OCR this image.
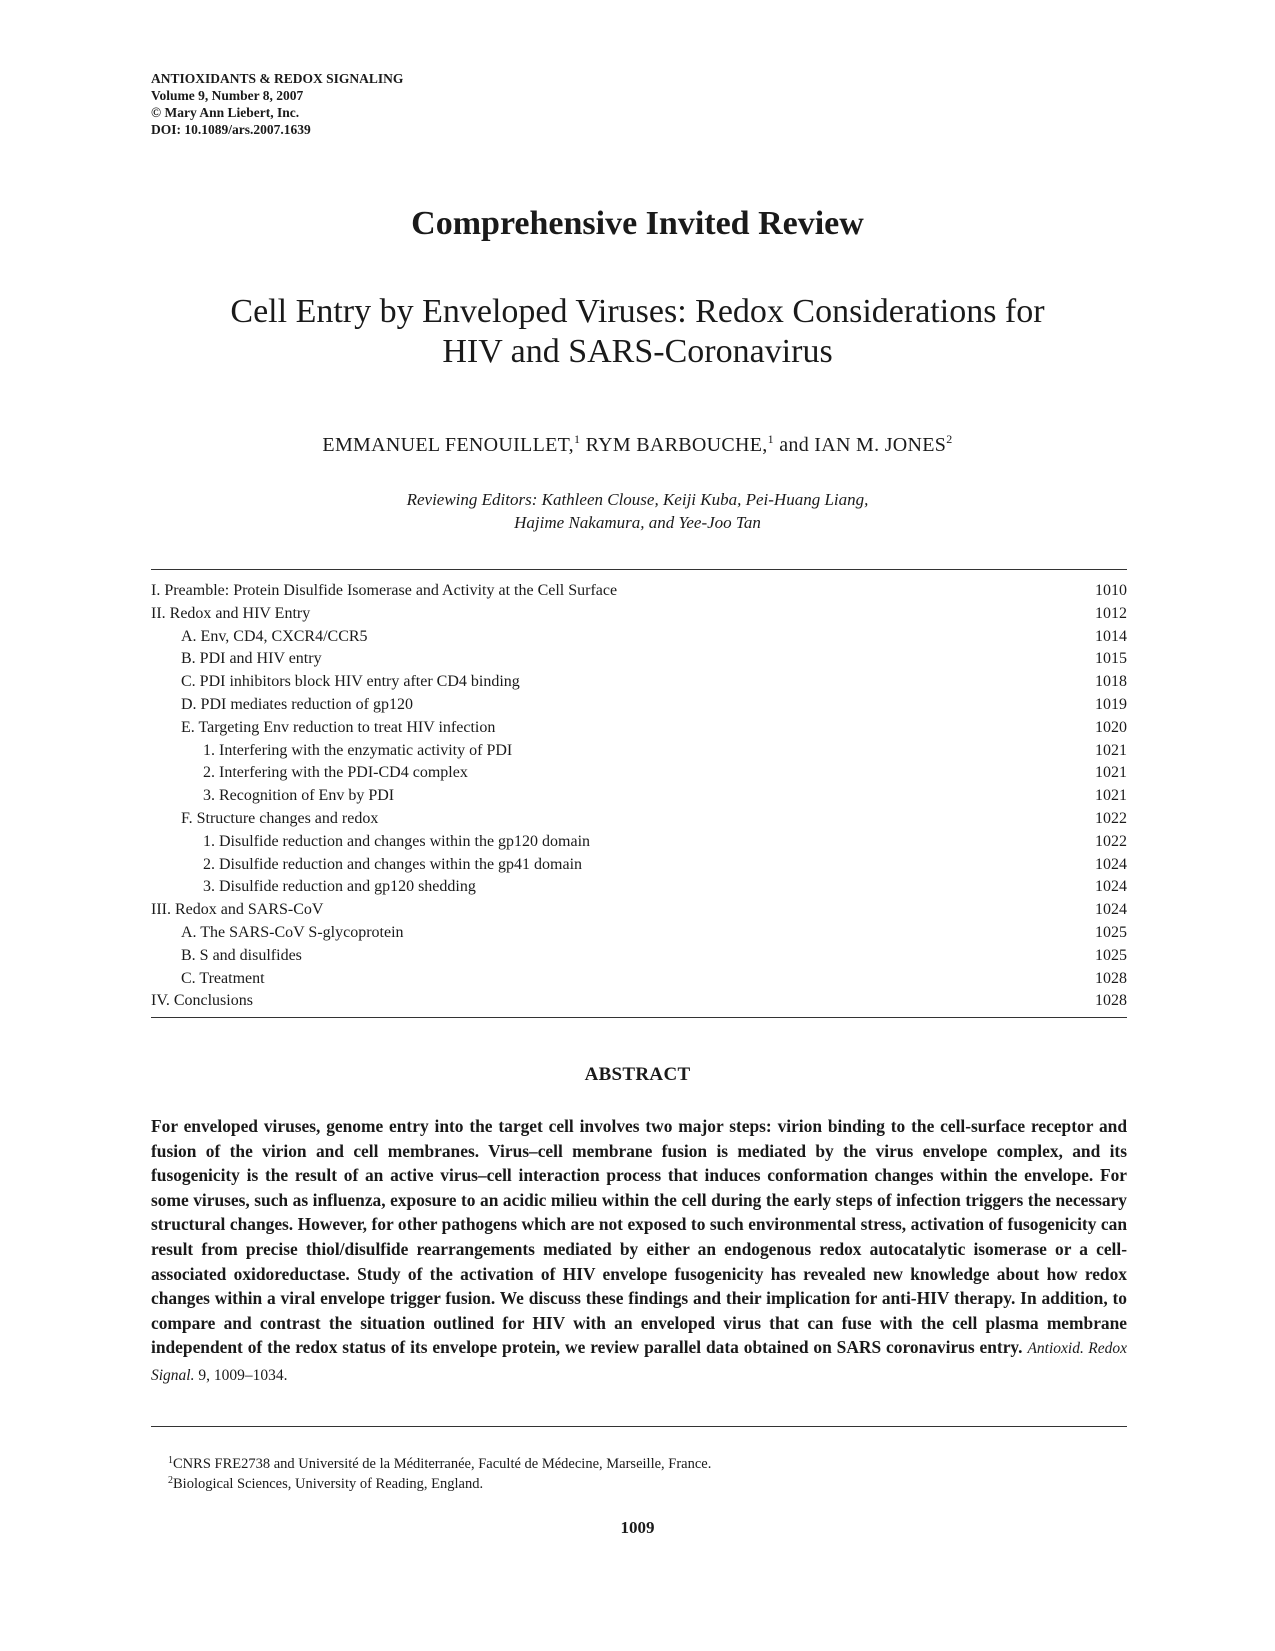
ANTIOXIDANTS & REDOX SIGNALING
Volume 9, Number 8, 2007
© Mary Ann Liebert, Inc.
DOI: 10.1089/ars.2007.1639
Comprehensive Invited Review
Cell Entry by Enveloped Viruses: Redox Considerations for
HIV and SARS-Coronavirus
EMMANUEL FENOUILLET,$^1$ RYM BARBOUCHE,$^1$ and IAN M. JONES$^2$
Reviewing Editors: Kathleen Clouse, Keiji Kuba, Pei-Huang Liang,
Hajime Nakamura, and Yee-Joo Tan
I. Preamble: Protein Disulfide Isomerase and Activity at the Cell Surface	1010
II. Redox and HIV Entry	1012
A. Env, CD4, CXCR4/CCR5	1014
B. PDI and HIV entry	1015
C. PDI inhibitors block HIV entry after CD4 binding	1018
D. PDI mediates reduction of gp120	1019
E. Targeting Env reduction to treat HIV infection	1020
1. Interfering with the enzymatic activity of PDI	1021
2. Interfering with the PDI-CD4 complex	1021
3. Recognition of Env by PDI	1021
F. Structure changes and redox	1022
1. Disulfide reduction and changes within the gp120 domain	1022
2. Disulfide reduction and changes within the gp41 domain	1024
3. Disulfide reduction and gp120 shedding	1024
III. Redox and SARS-CoV	1024
A. The SARS-CoV S-glycoprotein	1025
B. S and disulfides	1025
C. Treatment	1028
IV. Conclusions	1028
ABSTRACT
For enveloped viruses, genome entry into the target cell involves two major steps: virion binding to the cell-surface receptor and fusion of the virion and cell membranes. Virus–cell membrane fusion is mediated by the virus envelope complex, and its fusogenicity is the result of an active virus–cell interaction process that induces conformation changes within the envelope. For some viruses, such as influenza, exposure to an acidic milieu within the cell during the early steps of infection triggers the necessary structural changes. However, for other pathogens which are not exposed to such environmental stress, activation of fusogenicity can result from precise thiol/disulfide rearrangements mediated by either an endogenous redox autocatalytic isomerase or a cell-associated oxidoreductase. Study of the activation of HIV envelope fusogenicity has revealed new knowledge about how redox changes within a viral envelope trigger fusion. We discuss these findings and their implication for anti-HIV therapy. In addition, to compare and contrast the situation outlined for HIV with an enveloped virus that can fuse with the cell plasma membrane independent of the redox status of its envelope protein, we review parallel data obtained on SARS coronavirus entry. Antioxid. Redox Signal. 9, 1009–1034.
$^1$CNRS FRE2738 and Université de la Méditerranée, Faculté de Médecine, Marseille, France.
$^2$Biological Sciences, University of Reading, England.
1009
